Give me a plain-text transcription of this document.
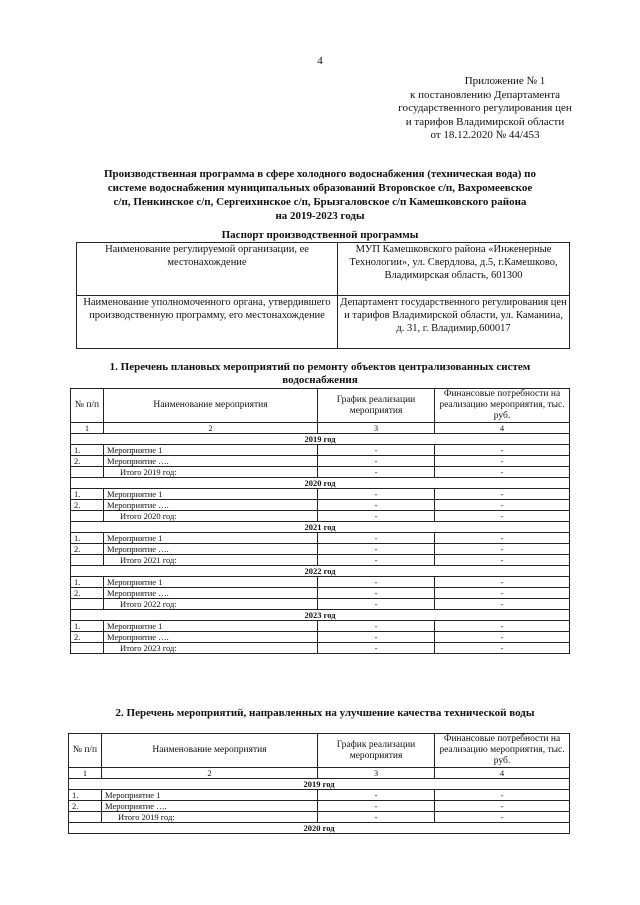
4
Приложение № 1
к постановлению Департамента
государственного регулирования цен
и тарифов Владимирской области
от 18.12.2020 № 44/453
Производственная программа в сфере холодного водоснабжения (техническая вода) по
системе водоснабжения муниципальных образований Второвское с/п, Вахромеевское
с/п, Пенкинское с/п, Сергеихинское с/п, Брызгаловское с/п Камешковского района
на 2019-2023 годы
Паспорт производственной программы
Наименование регулируемой организации, ее местонахождение	МУП Камешковского района «Инженерные Технологии», ул. Свердлова, д.5, г.Камешково, Владимирская область, 601300
Наименование уполномоченного органа, утвердившего производственную программу, его местонахождение	Департамент государственного регулирования цен и тарифов Владимирской области, ул. Каманина, д. 31, г. Владимир,600017
1. Перечень плановых мероприятий по ремонту объектов централизованных систем водоснабжения
№ п/п	Наименование мероприятия	График реализации мероприятия	Финансовые потребности на реализацию мероприятия, тыс. руб.
1	2	3	4
2019 год			
1.	Мероприятие 1	-	-
2.	Мероприятие ….	-	-
	Итого 2019 год:	-	-
2020 год			
1.	Мероприятие 1	-	-
2.	Мероприятие ….	-	-
	Итого 2020 год:	-	-
2021 год			
1.	Мероприятие 1	-	-
2.	Мероприятие ….	-	-
	Итого 2021 год:	-	-
2022 год			
1.	Мероприятие 1	-	-
2.	Мероприятие ….	-	-
	Итого 2022 год:	-	-
2023 год			
1.	Мероприятие 1	-	-
2.	Мероприятие ….	-	-
	Итого 2023 год:	-	-
2. Перечень мероприятий, направленных на улучшение качества технической воды
№ п/п	Наименование мероприятия	График реализации мероприятия	Финансовые потребности на реализацию мероприятия, тыс. руб.
1	2	3	4
2019 год			
1.	Мероприятие 1	-	-
2.	Мероприятие ….	-	-
	Итого 2019 год:	-	-
2020 год			
